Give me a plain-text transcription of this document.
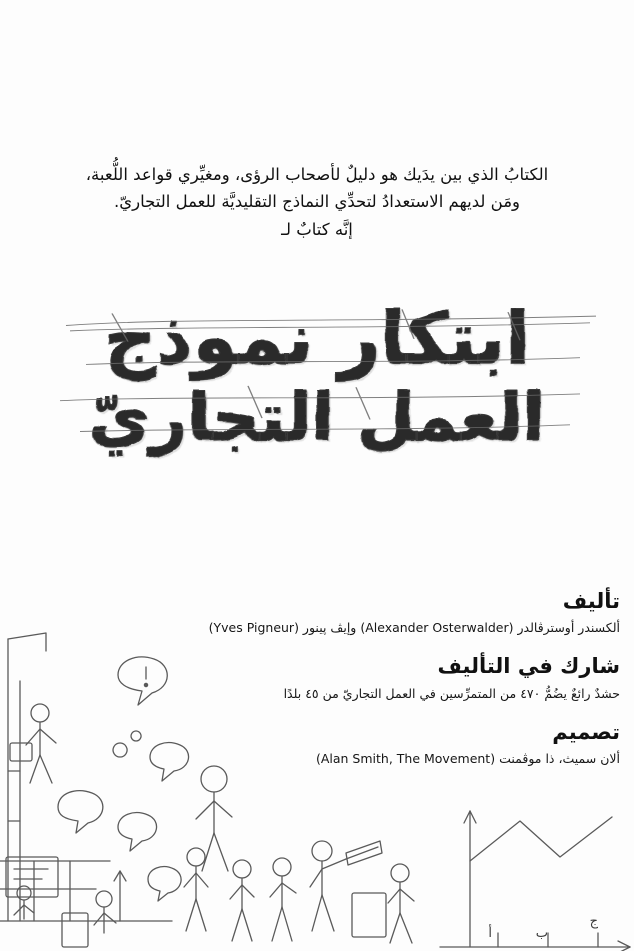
الكتابُ الذي بين يدَيك هو دليلٌ لأصحاب الرؤى، ومغيِّري قواعد اللُّعبة،
ومَن لديهم الاستعدادُ لتحدِّي النماذج التقليديَّة للعمل التجاريّ.
إنَّه كتابٌ لـ
ابتكار نموذج
العمل التجاريّ
تأليف
ألكسندر أوسترڤالدر (Alexander Osterwalder) وإيڤ پينور (Yves Pigneur)
شارك في التأليف
حشدٌ رائعٌ يضُمُّ ٤٧٠ من المتمرِّسين في العمل التجاريّ من ٤٥ بلدًا
تصميم
ألان سميث، ذا موڤمنت (Alan Smith, The Movement)
ج
ب
أ
